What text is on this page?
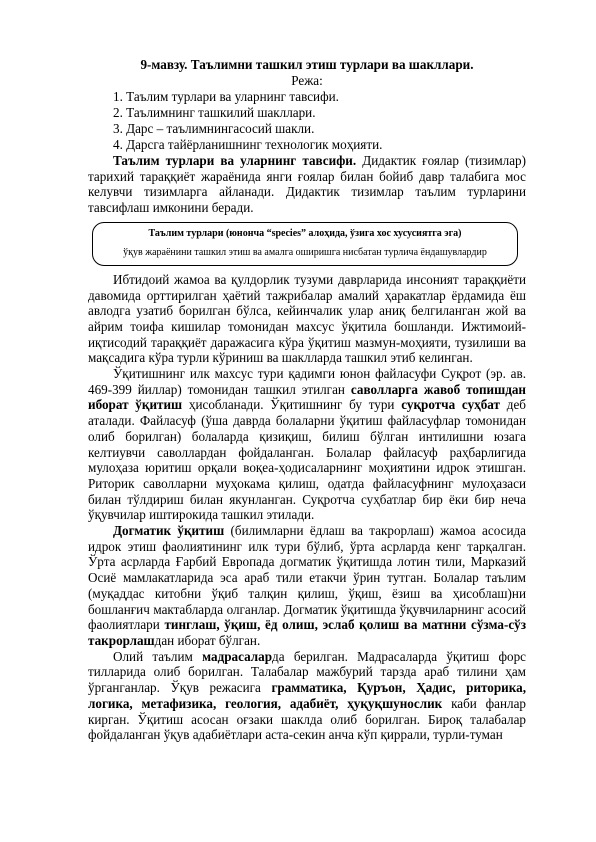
9-мавзу. Таълимни ташкил этиш турлари ва шакллари.
Режа:
1. Таълим турлари ва уларнинг тавсифи.
2. Таълимнинг ташкилий шакллари.
3. Дарс – таълимнингасосий шакли.
4. Дарсга тайёрланишнинг технологик моҳияти.

Таълим турлари ва уларнинг тавсифи. Дидактик ғоялар (тизимлар) тарихий тараққиёт жараёнида янги ғоялар билан бойиб давр талабига мос келувчи тизимларга айланади. Дидактик тизимлар таълим турларини тавсифлаш имконини беради.

Таълим турлари (юнонча “species” алоҳида, ўзига хос хусусиятга эга)
ўқув жараёнини ташкил этиш ва амалга оширишга нисбатан турлича ёндашувлардир

Ибтидоий жамоа ва қулдорлик тузуми даврларида инсоният тараққиёти давомида орттирилган ҳаётий тажрибалар амалий ҳаракатлар ёрдамида ёш авлодга узатиб борилган бўлса, кейинчалик улар аниқ белгиланган жой ва айрим тоифа кишилар томонидан махсус ўқитила бошланди. Ижтимоий-иқтисодий тараққиёт даражасига кўра ўқитиш мазмун-моҳияти, тузилиши ва мақсадига кўра турли кўриниш ва шаклларда ташкил этиб келинган.

Ўқитишнинг илк махсус тури қадимги юнон файласуфи Суқрот (эр. ав. 469-399 йиллар) томонидан ташкил этилган саволларга жавоб топишдан иборат ўқитиш ҳисобланади. Ўқитишнинг бу тури суқротча суҳбат деб аталади. Файласуф (ўша даврда болаларни ўқитиш файласуфлар томонидан олиб борилган) болаларда қизиқиш, билиш бўлган интилишни юзага келтиувчи саволлардан фойдаланган. Болалар файласуф раҳбарлигида мулоҳаза юритиш орқали воқеа-ҳодисаларнинг моҳиятини идрок этишган. Риторик саволларни муҳокама қилиш, одатда файласуфнинг мулоҳазаси билан тўлдириш билан якунланган. Суқротча суҳбатлар бир ёки бир неча ўқувчилар иштирокида ташкил этилади.

Догматик ўқитиш (билимларни ёдлаш ва такрорлаш) жамоа асосида идрок этиш фаолиятининг илк тури бўлиб, ўрта асрларда кенг тарқалган. Ўрта асрларда Ғарбий Европада догматик ўқитишда лотин тили, Марказий Осиё мамлакатларида эса араб тили етакчи ўрин тутган. Болалар таълим (муқаддас китобни ўқиб талқин қилиш, ўқиш, ёзиш ва ҳисоблаш)ни бошланғич мактабларда олганлар. Догматик ўқитишда ўқувчиларнинг асосий фаолиятлари тинглаш, ўқиш, ёд олиш, эслаб қолиш ва матнни сўзма-сўз такрорлашдан иборат бўлган.

Олий таълим мадрасаларда берилган. Мадрасаларда ўқитиш форс тилларида олиб борилган. Талабалар мажбурий тарзда араб тилини ҳам ўрганганлар. Ўқув режасига грамматика, Қуръон, Ҳадис, риторика, логика, метафизика, геология, адабиёт, ҳуқуқшунослик каби фанлар кирган. Ўқитиш асосан оғзаки шаклда олиб борилган. Бироқ талабалар фойдаланган ўқув адабиётлари аста-секин анча кўп қиррали, турли-туман
